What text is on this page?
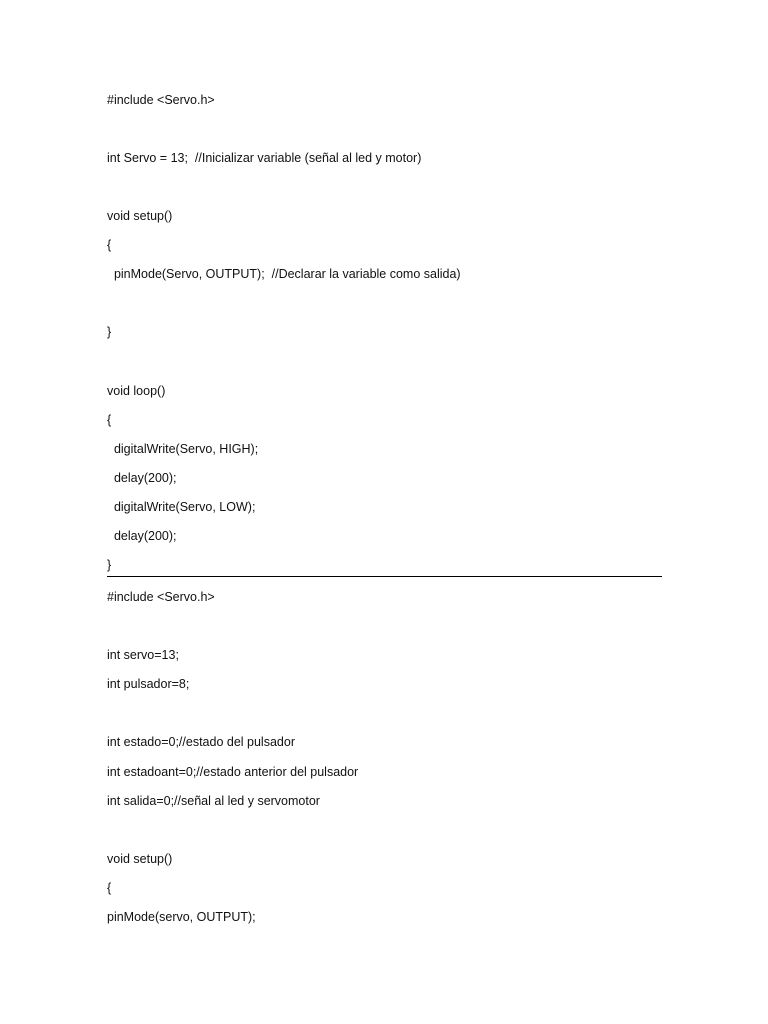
#include <Servo.h>
int Servo = 13;  //Inicializar variable (señal al led y motor)
void setup()
{
pinMode(Servo, OUTPUT);  //Declarar la variable como salida)
}
void loop()
{
digitalWrite(Servo, HIGH);
delay(200);
digitalWrite(Servo, LOW);
delay(200);
}
#include <Servo.h>
int servo=13;
int pulsador=8;
int estado=0;//estado del pulsador
int estadoant=0;//estado anterior del pulsador
int salida=0;//señal al led y servomotor
void setup()
{
pinMode(servo, OUTPUT);
